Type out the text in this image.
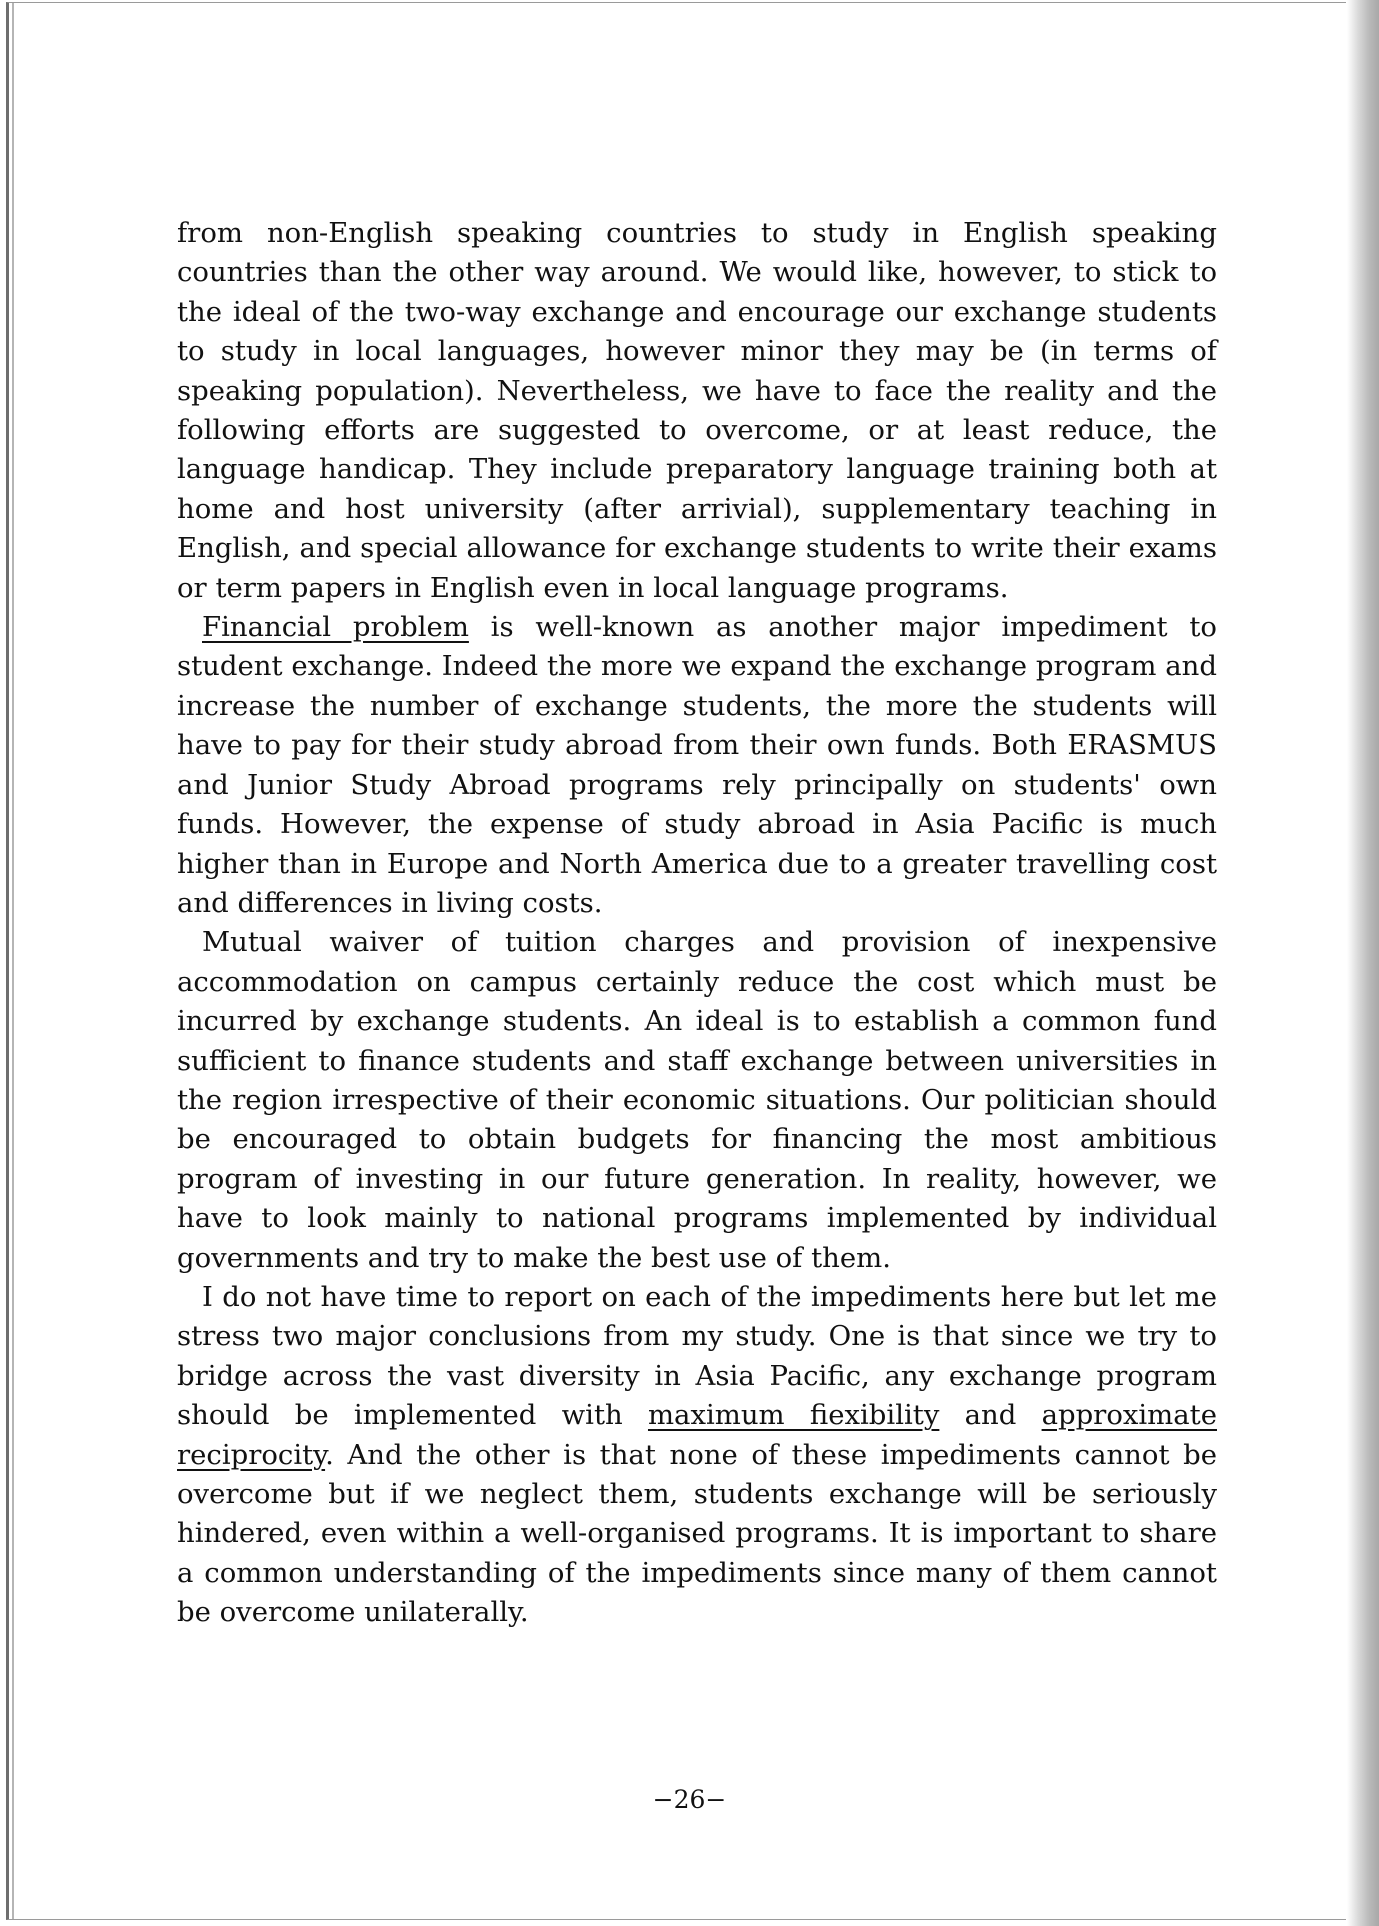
from non-English speaking countries to study in English speaking countries than the other way around. We would like, however, to stick to the ideal of the two-way exchange and encourage our exchange students to study in local languages, however minor they may be (in terms of speaking population). Nevertheless, we have to face the reality and the following efforts are suggested to overcome, or at least reduce, the language handicap. They include preparatory language training both at home and host university (after arrivial), supplementary teaching in English, and special allowance for exchange students to write their exams or term papers in English even in local language programs.

Financial problem is well-known as another major impediment to student exchange. Indeed the more we expand the exchange program and increase the number of exchange students, the more the students will have to pay for their study abroad from their own funds. Both ERASMUS and Junior Study Abroad programs rely principally on students' own funds. However, the expense of study abroad in Asia Pacific is much higher than in Europe and North America due to a greater travelling cost and differences in living costs.

Mutual waiver of tuition charges and provision of inexpensive accommodation on campus certainly reduce the cost which must be incurred by exchange students. An ideal is to establish a common fund sufficient to finance students and staff exchange between universities in the region irrespective of their economic situations. Our politician should be encouraged to obtain budgets for financing the most ambitious program of investing in our future generation. In reality, however, we have to look mainly to national programs implemented by individual governments and try to make the best use of them.

I do not have time to report on each of the impediments here but let me stress two major conclusions from my study. One is that since we try to bridge across the vast diversity in Asia Pacific, any exchange program should be implemented with maximum fiexibility and approximate reciprocity. And the other is that none of these impediments cannot be overcome but if we neglect them, students exchange will be seriously hindered, even within a well-organised programs. It is important to share a common understanding of the impediments since many of them cannot be overcome unilaterally.

−26−
